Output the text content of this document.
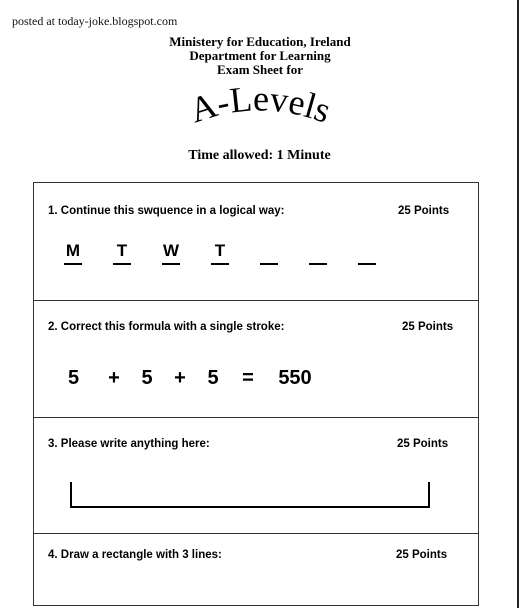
posted at today-joke.blogspot.com
Ministery for Education, Ireland
Department for Learning
Exam Sheet for
A-Levels
Time allowed: 1 Minute
1. Continue this swquence in a logical way:	25 Points
M	T	W	T

2. Correct this formula with a single stroke:	25 Points
5	+	5	+	5	=	550
3. Please write anything here:	25 Points
4. Draw a rectangle with 3 lines:	25 Points
